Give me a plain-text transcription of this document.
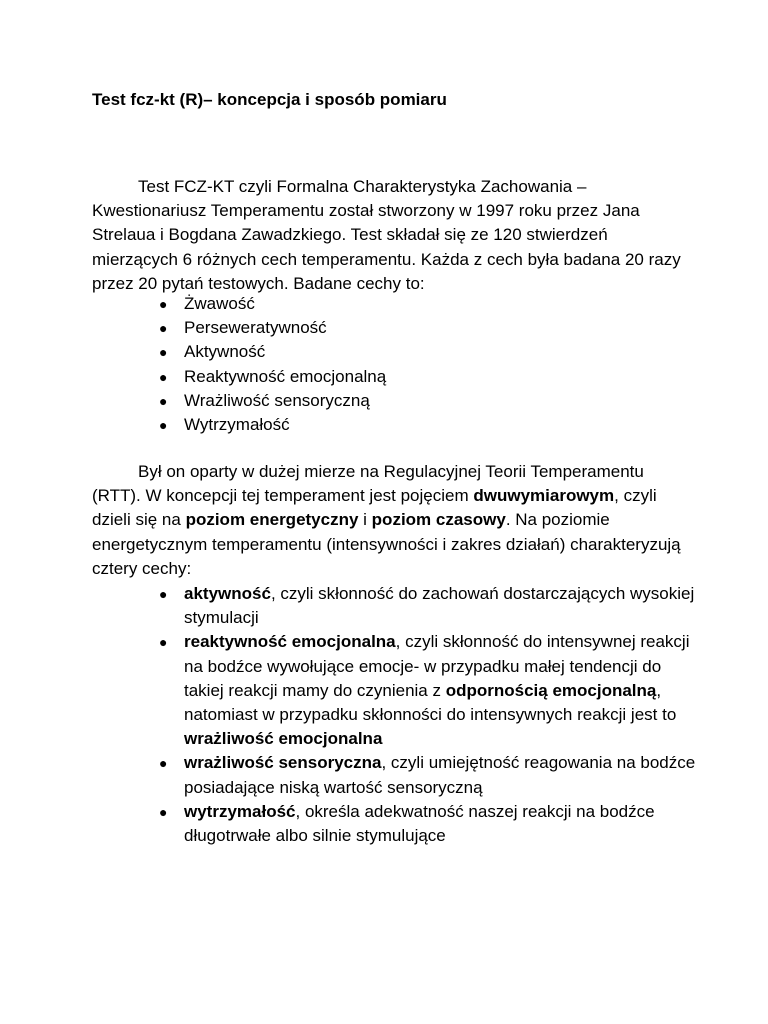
Test fcz-kt (R)– koncepcja i sposób pomiaru

Test FCZ-KT czyli Formalna Charakterystyka Zachowania – Kwestionariusz Temperamentu został stworzony w 1997 roku przez Jana Strelaua i Bogdana Zawadzkiego. Test składał się ze 120 stwierdzeń mierzących 6 różnych cech temperamentu. Każda z cech była badana 20 razy przez 20 pytań testowych. Badane cechy to:

● Żwawość
● Perseweratywność
● Aktywność
● Reaktywność emocjonalną
● Wrażliwość sensoryczną
● Wytrzymałość

Był on oparty w dużej mierze na Regulacyjnej Teorii Temperamentu (RTT). W koncepcji tej temperament jest pojęciem dwuwymiarowym, czyli dzieli się na poziom energetyczny i poziom czasowy. Na poziomie energetycznym temperamentu (intensywności i zakres działań) charakteryzują cztery cechy:

● aktywność, czyli skłonność do zachowań dostarczających wysokiej stymulacji
● reaktywność emocjonalna, czyli skłonność do intensywnej reakcji na bodźce wywołujące emocje- w przypadku małej tendencji do takiej reakcji mamy do czynienia z odpornością emocjonalną, natomiast w przypadku skłonności do intensywnych reakcji jest to wrażliwość emocjonalna
● wrażliwość sensoryczna, czyli umiejętność reagowania na bodźce posiadające niską wartość sensoryczną
● wytrzymałość, określa adekwatność naszej reakcji na bodźce długotrwałe albo silnie stymulujące
